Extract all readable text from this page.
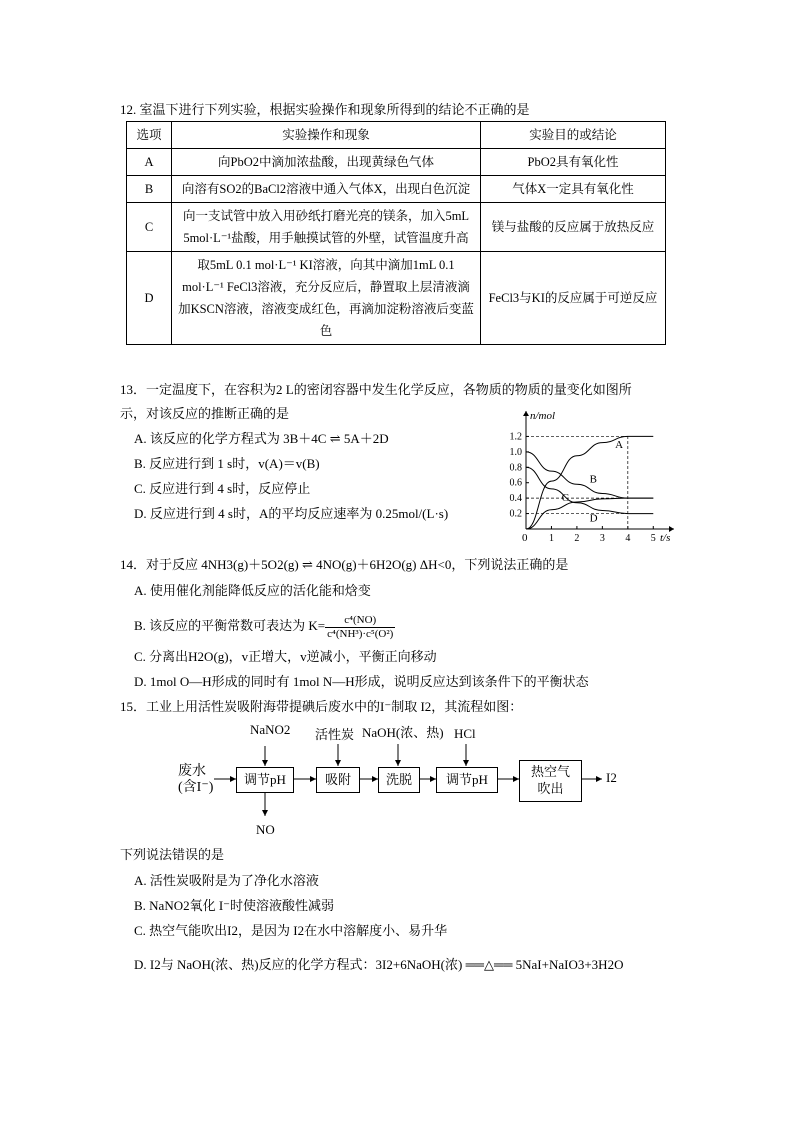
12. 室温下进行下列实验，根据实验操作和现象所得到的结论不正确的是
选项	实验操作和现象	实验目的或结论
A	向PbO2中滴加浓盐酸，出现黄绿色气体	PbO2具有氧化性
B	向溶有SO2的BaCl2溶液中通入气体X，出现白色沉淀	气体X一定具有氧化性
C	向一支试管中放入用砂纸打磨光亮的镁条，加入5mL 5mol·L⁻¹盐酸，用手触摸试管的外壁，试管温度升高	镁与盐酸的反应属于放热反应
D	取5mL 0.1 mol·L⁻¹ KI溶液，向其中滴加1mL 0.1 mol·L⁻¹ FeCl3溶液，充分反应后，静置取上层清液滴加KSCN溶液，溶液变成红色，再滴加淀粉溶液后变蓝色	FeCl3与KI的反应属于可逆反应
13．一定温度下，在容积为2 L的密闭容器中发生化学反应，各物质的物质的量变化如图所
示，对该反应的推断正确的是
A. 该反应的化学方程式为 3B＋4C ⇌ 5A＋2D
B. 反应进行到 1 s时，v(A)＝v(B)
C. 反应进行到 4 s时，反应停止
D. 反应进行到 4 s时，A的平均反应速率为 0.25mol/(L·s)
n/mol
t/s
0
0.2
0.4
0.6
0.8
1.0
1.2
1 2 3 4 5
A
B
C
D
14．对于反应 4NH3(g)＋5O2(g) ⇌ 4NO(g)＋6H2O(g) ΔH<0，下列说法正确的是
A. 使用催化剂能降低反应的活化能和焓变
B. 该反应的平衡常数可表达为 $K= \frac{\text{c⁴(NO)}}{\text{c⁴(NH³)·c⁵(O²)}}$
C. 分离出H2O(g)，v正增大，v逆减小，平衡正向移动
D. 1mol O—H形成的同时有 1mol N—H形成，说明反应达到该条件下的平衡状态
15．工业上用活性炭吸附海带提碘后废水中的I⁻制取 I2，其流程如图：
废水
(含I⁻)
调节pH	吸附	洗脱	调节pH
热空气
吹出
I2
NaNO2 活性炭 NaOH(浓、热) HCl
NO
下列说法错误的是
A. 活性炭吸附是为了净化水溶液
B. NaNO2氧化 I⁻时使溶液酸性减弱
C. 热空气能吹出I2，是因为 I2在水中溶解度小、易升华
D. I2与 NaOH(浓、热)反应的化学方程式：3I2+6NaOH(浓) ══△══ 5NaI+NaIO3+3H2O
